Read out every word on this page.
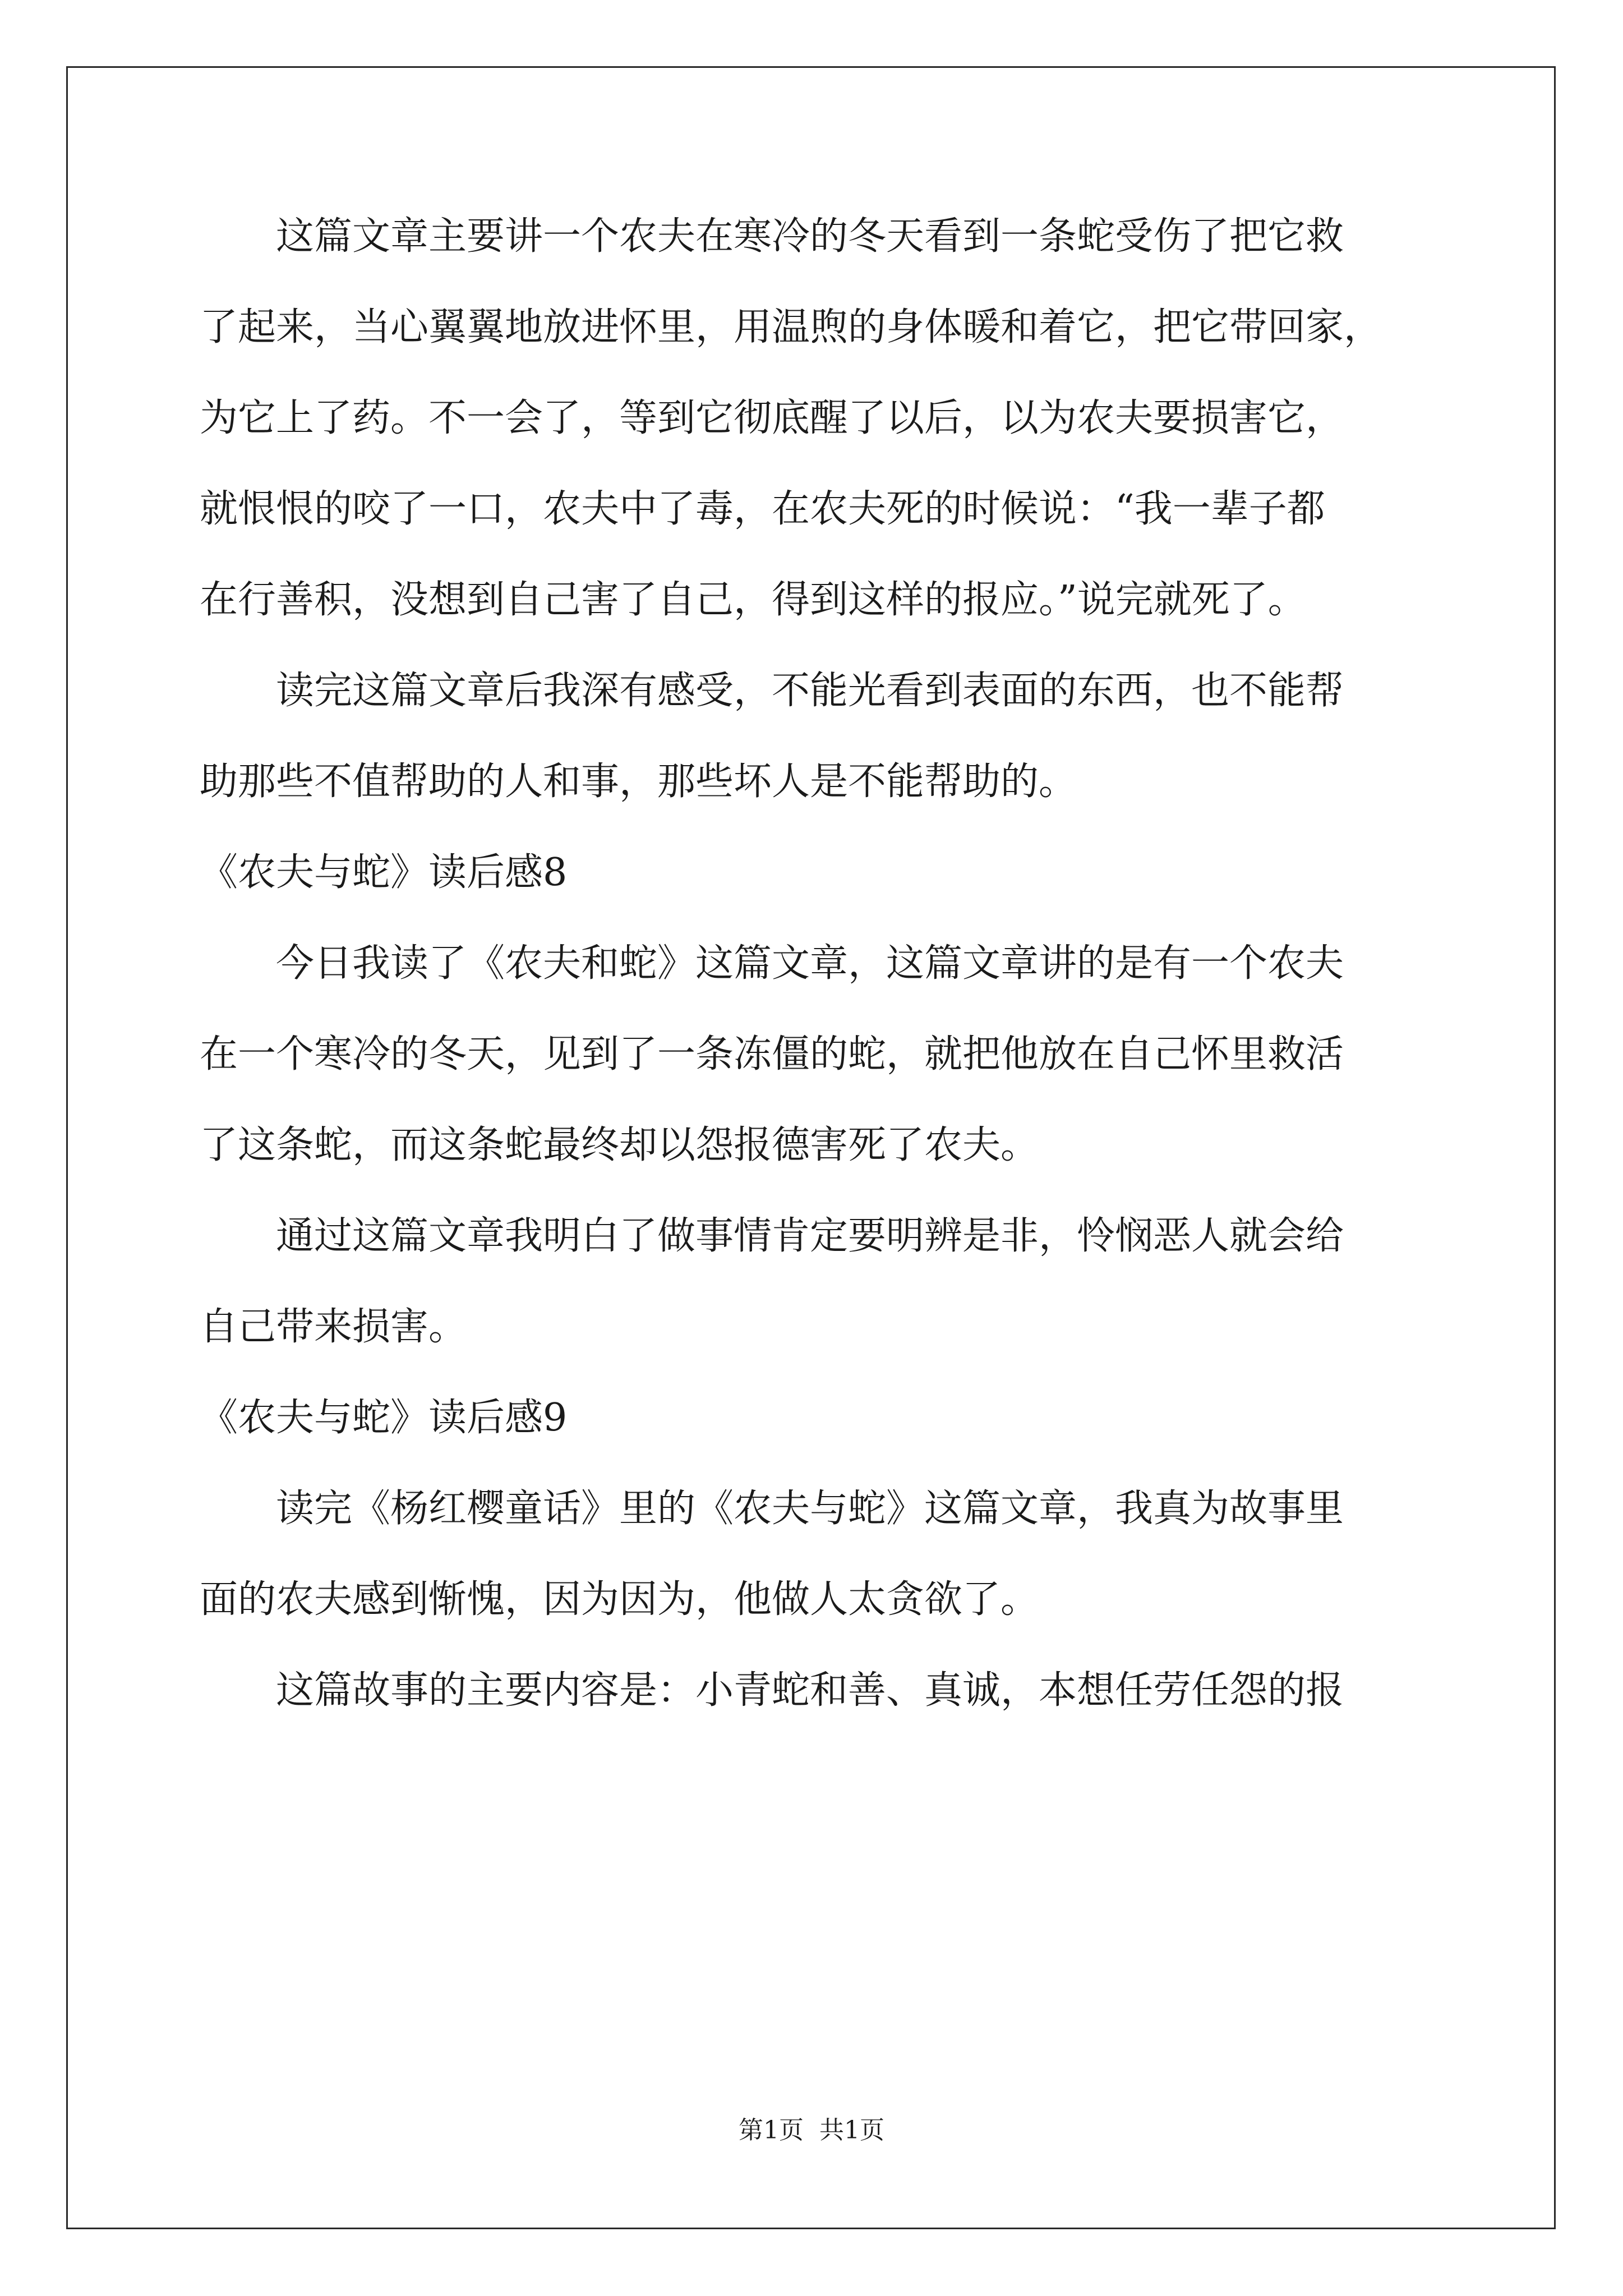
　　这篇文章主要讲一个农夫在寒冷的冬天看到一条蛇受伤了把它救
了起来，当心翼翼地放进怀里，用温煦的身体暖和着它，把它带回家，
为它上了药。不一会了，等到它彻底醒了以后，以为农夫要损害它，
就恨恨的咬了一口，农夫中了毒，在农夫死的时候说：“我一辈子都
在行善积，没想到自己害了自己，得到这样的报应。”说完就死了。
　　读完这篇文章后我深有感受，不能光看到表面的东西，也不能帮
助那些不值帮助的人和事，那些坏人是不能帮助的。
《农夫与蛇》读后感8
　　今日我读了《农夫和蛇》这篇文章，这篇文章讲的是有一个农夫
在一个寒冷的冬天，见到了一条冻僵的蛇，就把他放在自己怀里救活
了这条蛇，而这条蛇最终却以怨报德害死了农夫。
　　通过这篇文章我明白了做事情肯定要明辨是非，怜悯恶人就会给
自己带来损害。
《农夫与蛇》读后感9
　　读完《杨红樱童话》里的《农夫与蛇》这篇文章，我真为故事里
面的农夫感到惭愧，因为因为，他做人太贪欲了。
　　这篇故事的主要内容是：小青蛇和善、真诚，本想任劳任怨的报
第1页 共1页
